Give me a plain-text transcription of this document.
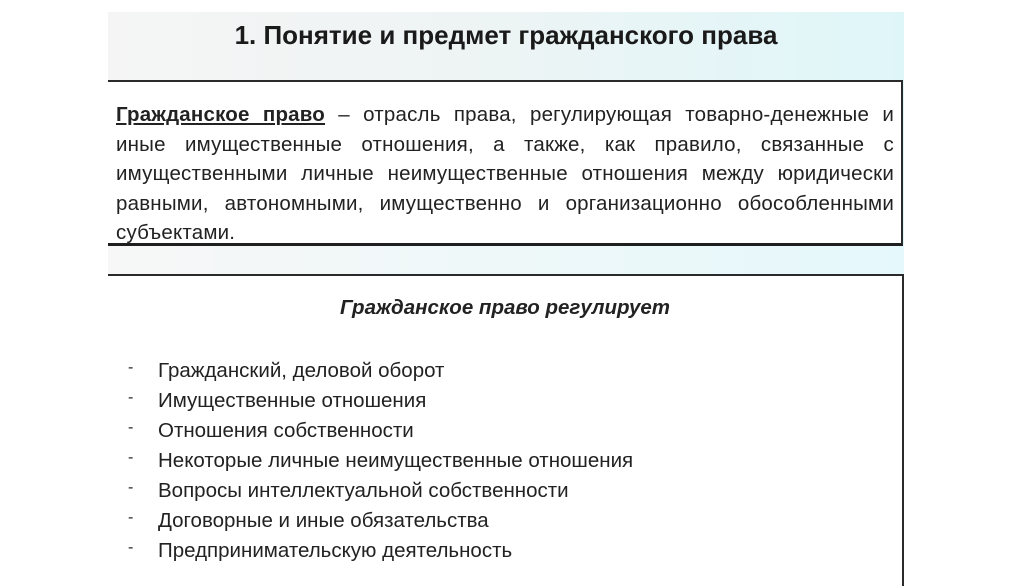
1. Понятие и предмет гражданского права
Гражданское право – отрасль права, регулирующая товарно-денежные и иные имущественные отношения, а также, как правило, связанные с имущественными личные неимущественные отношения между юридически равными, автономными, имущественно и организационно обособленными субъектами.
Гражданское право регулирует
- Гражданский, деловой оборот
- Имущественные отношения
- Отношения собственности
- Некоторые личные неимущественные отношения
- Вопросы интеллектуальной собственности
- Договорные и иные обязательства
- Предпринимательскую деятельность
